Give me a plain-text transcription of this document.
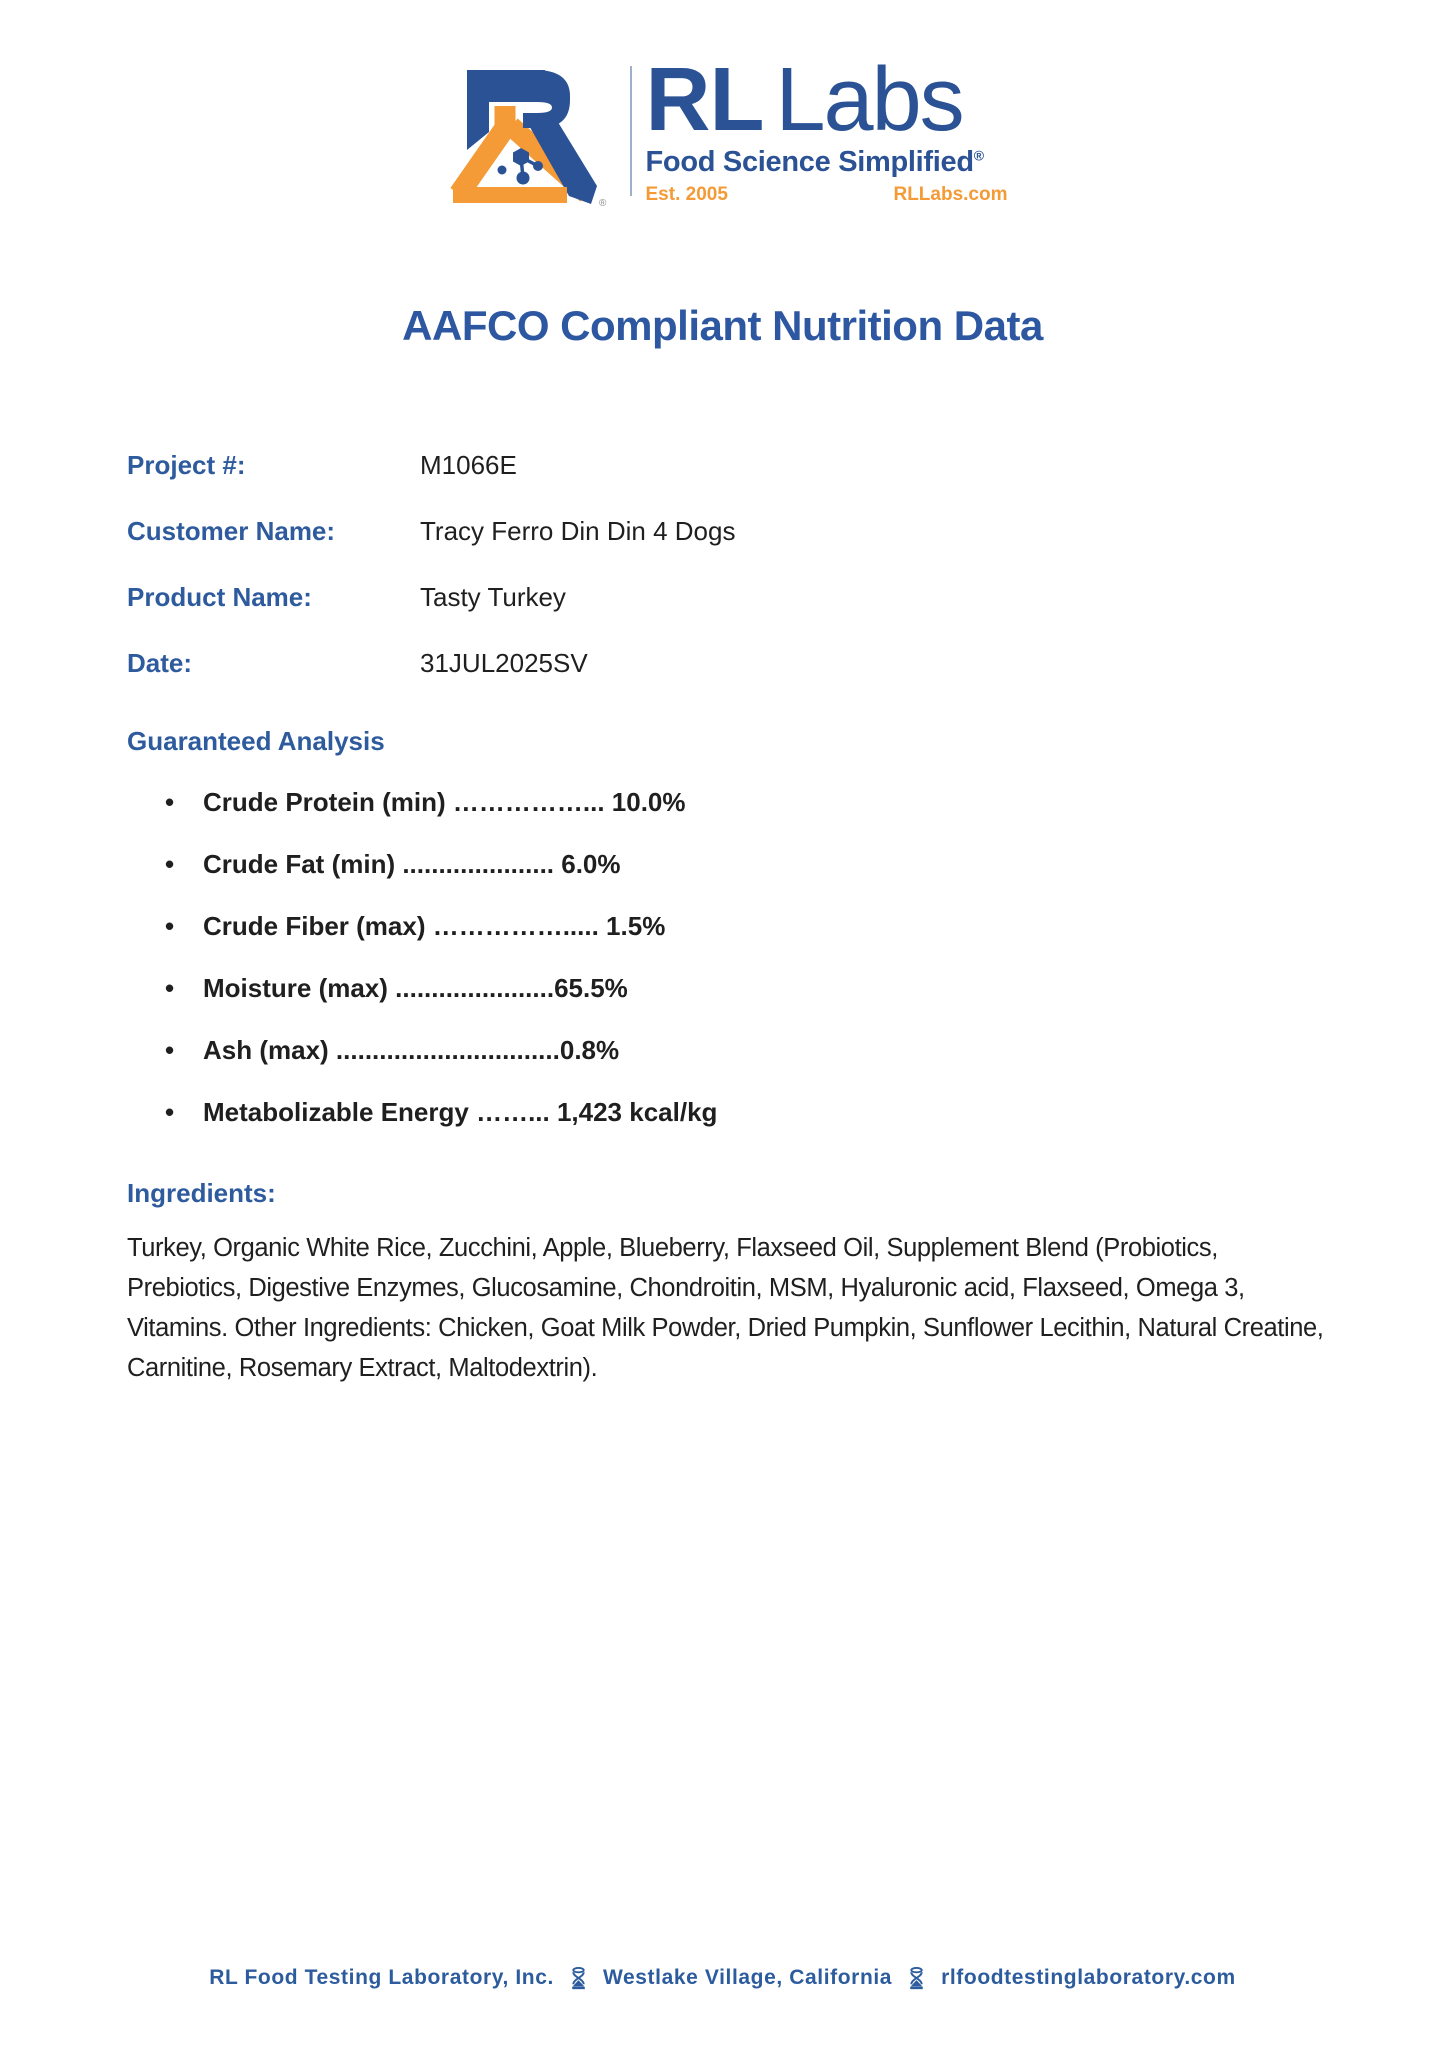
®
RL Labs
Food Science Simplified®
Est. 2005	RLLabs.com
AAFCO Compliant Nutrition Data
Project #:	M1066E
Customer Name:	Tracy Ferro Din Din 4 Dogs
Product Name:	Tasty Turkey
Date:	31JUL2025SV
Guaranteed Analysis
•	Crude Protein (min) ……………... 10.0%
•	Crude Fat (min) ..................... 6.0%
•	Crude Fiber (max) ……………..... 1.5%
•	Moisture (max) ......................65.5%
•	Ash (max) ...............................0.8%
•	Metabolizable Energy ……... 1,423 kcal/kg
Ingredients:

Turkey, Organic White Rice, Zucchini, Apple, Blueberry, Flaxseed Oil, Supplement Blend (Probiotics, Prebiotics, Digestive Enzymes, Glucosamine, Chondroitin, MSM, Hyaluronic acid, Flaxseed, Omega 3, Vitamins. Other Ingredients: Chicken, Goat Milk Powder, Dried Pumpkin, Sunflower Lecithin, Natural Creatine, Carnitine, Rosemary Extract, Maltodextrin).

RL Food Testing Laboratory, Inc. Westlake Village, California rlfoodtestinglaboratory.com
